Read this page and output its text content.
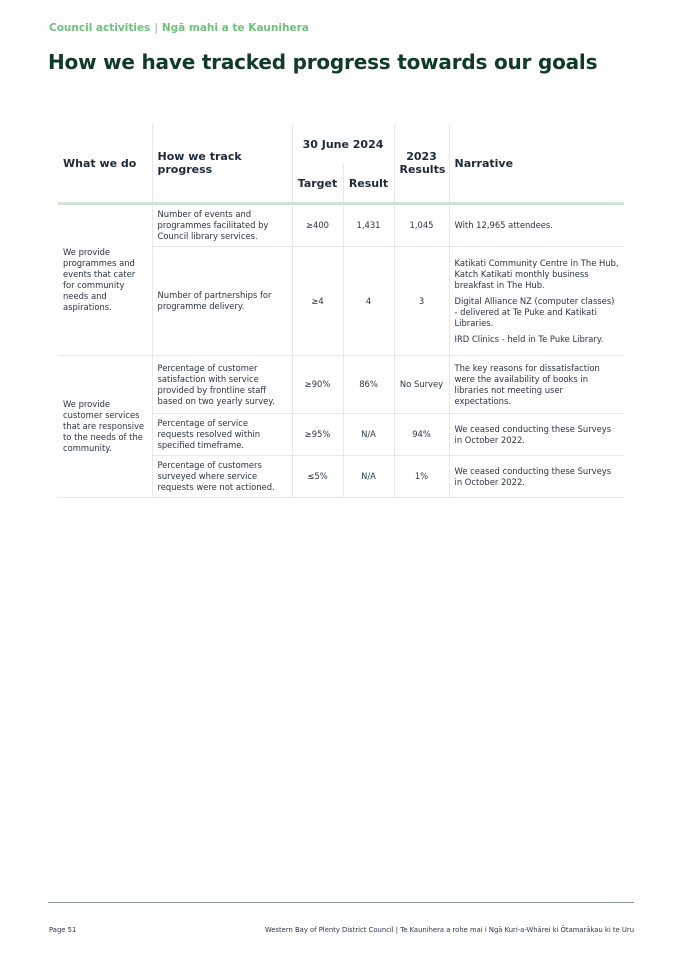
Council activities | Ngā mahi a te Kaunihera
How we have tracked progress towards our goals
What we do	How we track progress	30 June 2024		2023 Results	Narrative
		Target	Result		
We provide programmes and events that cater for community needs and aspirations.	Number of events and programmes facilitated by Council library services.	≥400	1,431	1,045	With 12,965 attendees.

	Number of partnerships for programme delivery.	≥4	4	3	Katikati Community Centre in The Hub, Katch Katikati monthly business breakfast in The Hub.

Digital Alliance NZ (computer classes) - delivered at Te Puke and Katikati Libraries.

IRD Clinics - held in Te Puke Library.

We provide customer services that are responsive to the needs of the community.	Percentage of customer satisfaction with service provided by frontline staff based on two yearly survey.	≥90%	86%	No Survey	The key reasons for dissatisfaction were the availability of books in libraries not meeting user expectations.

	Percentage of service requests resolved within specified timeframe.	≥95%	N/A	94%	We ceased conducting these Surveys in October 2022.

	Percentage of customers surveyed where service requests were not actioned.	≤5%	N/A	1%	We ceased conducting these Surveys in October 2022.

Page 51	Western Bay of Plenty District Council | Te Kaunihera a rohe mai i Ngā Kuri-a-Whārei ki Ōtamarākau ki te Uru
